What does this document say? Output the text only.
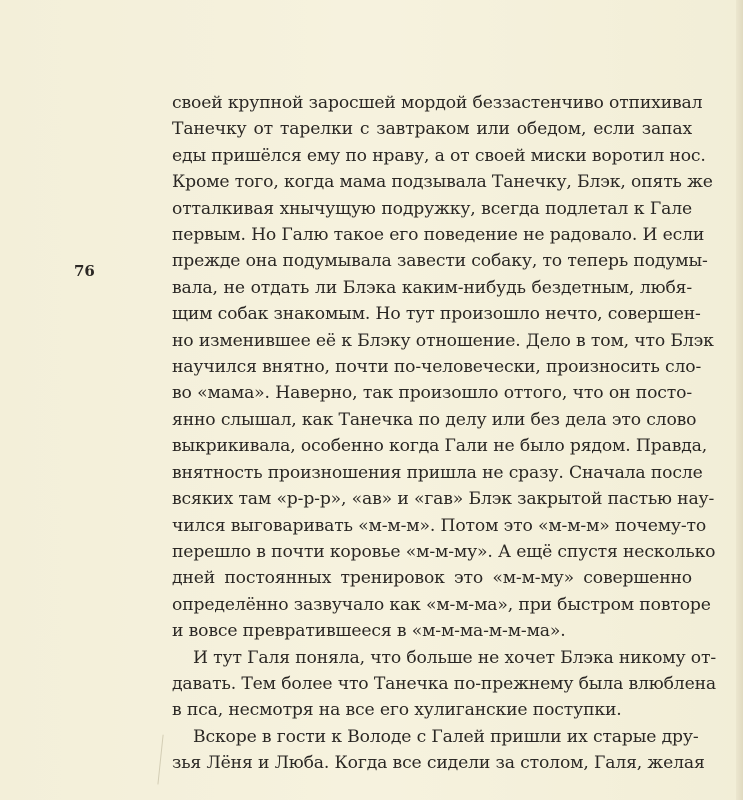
76
своей крупной заросшей мордой беззастенчиво отпихивал
Танечку от тарелки с завтраком или обедом, если запах
еды пришёлся ему по нраву, а от своей миски воротил нос.
Кроме того, когда мама подзывала Танечку, Блэк, опять же
отталкивая хнычущую подружку, всегда подлетал к Гале
первым. Но Галю такое его поведение не радовало. И если
прежде она подумывала завести собаку, то теперь подумы-
вала, не отдать ли Блэка каким-нибудь бездетным, любя-
щим собак знакомым. Но тут произошло нечто, совершен-
но изменившее её к Блэку отношение. Дело в том, что Блэк
научился внятно, почти по-человечески, произносить сло-
во «мама». Наверно, так произошло оттого, что он посто-
янно слышал, как Танечка по делу или без дела это слово
выкрикивала, особенно когда Гали не было рядом. Правда,
внятность произношения пришла не сразу. Сначала после
всяких там «р-р-р», «ав» и «гав» Блэк закрытой пастью нау-
чился выговаривать «м-м-м». Потом это «м-м-м» почему-то
перешло в почти коровье «м-м-му». А ещё спустя несколько
дней постоянных тренировок это «м-м-му» совершенно
определённо зазвучало как «м-м-ма», при быстром повторе
и вовсе превратившееся в «м-м-ма-м-м-ма».
И тут Галя поняла, что больше не хочет Блэка никому от-
давать. Тем более что Танечка по-прежнему была влюблена
в пса, несмотря на все его хулиганские поступки.
Вскоре в гости к Володе с Галей пришли их старые дру-
зья Лёня и Люба. Когда все сидели за столом, Галя, желая
